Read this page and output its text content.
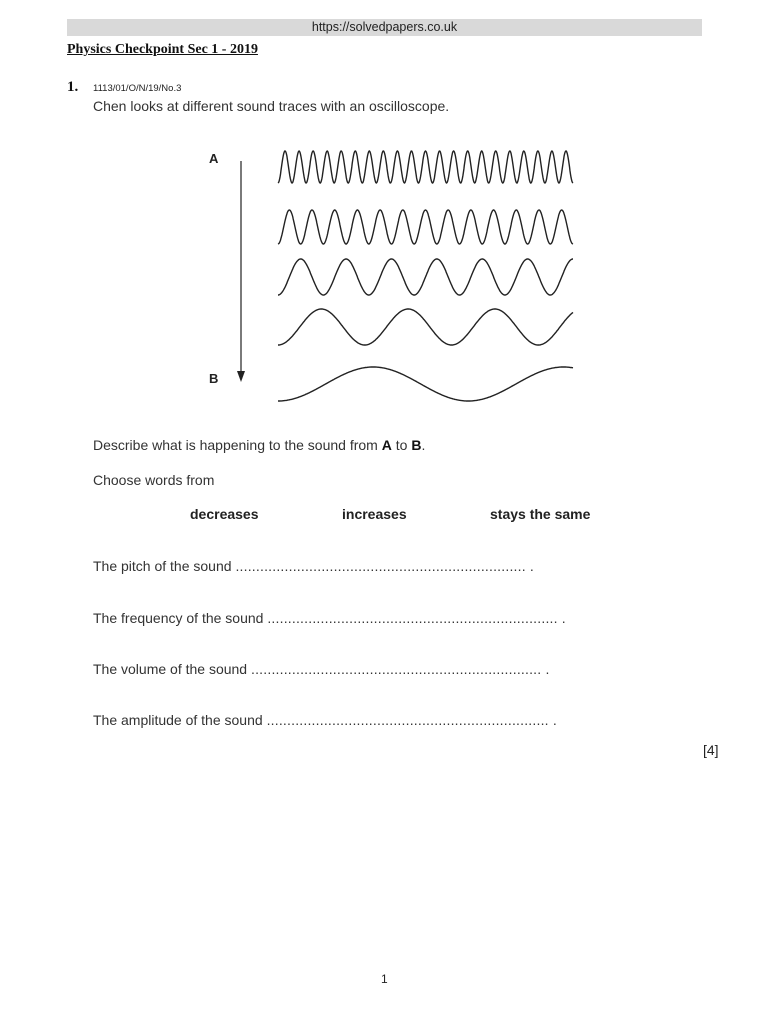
https://solvedpapers.co.uk
Physics Checkpoint Sec 1 - 2019
1. 1113/01/O/N/19/No.3
Chen looks at different sound traces with an oscilloscope.
A
B
Describe what is happening to the sound from A to B.
Choose words from
decreases	increases	stays the same
The pitch of the sound ....................................................................... .
The frequency of the sound ....................................................................... .
The volume of the sound ....................................................................... .
The amplitude of the sound ..................................................................... .
[4]
1
